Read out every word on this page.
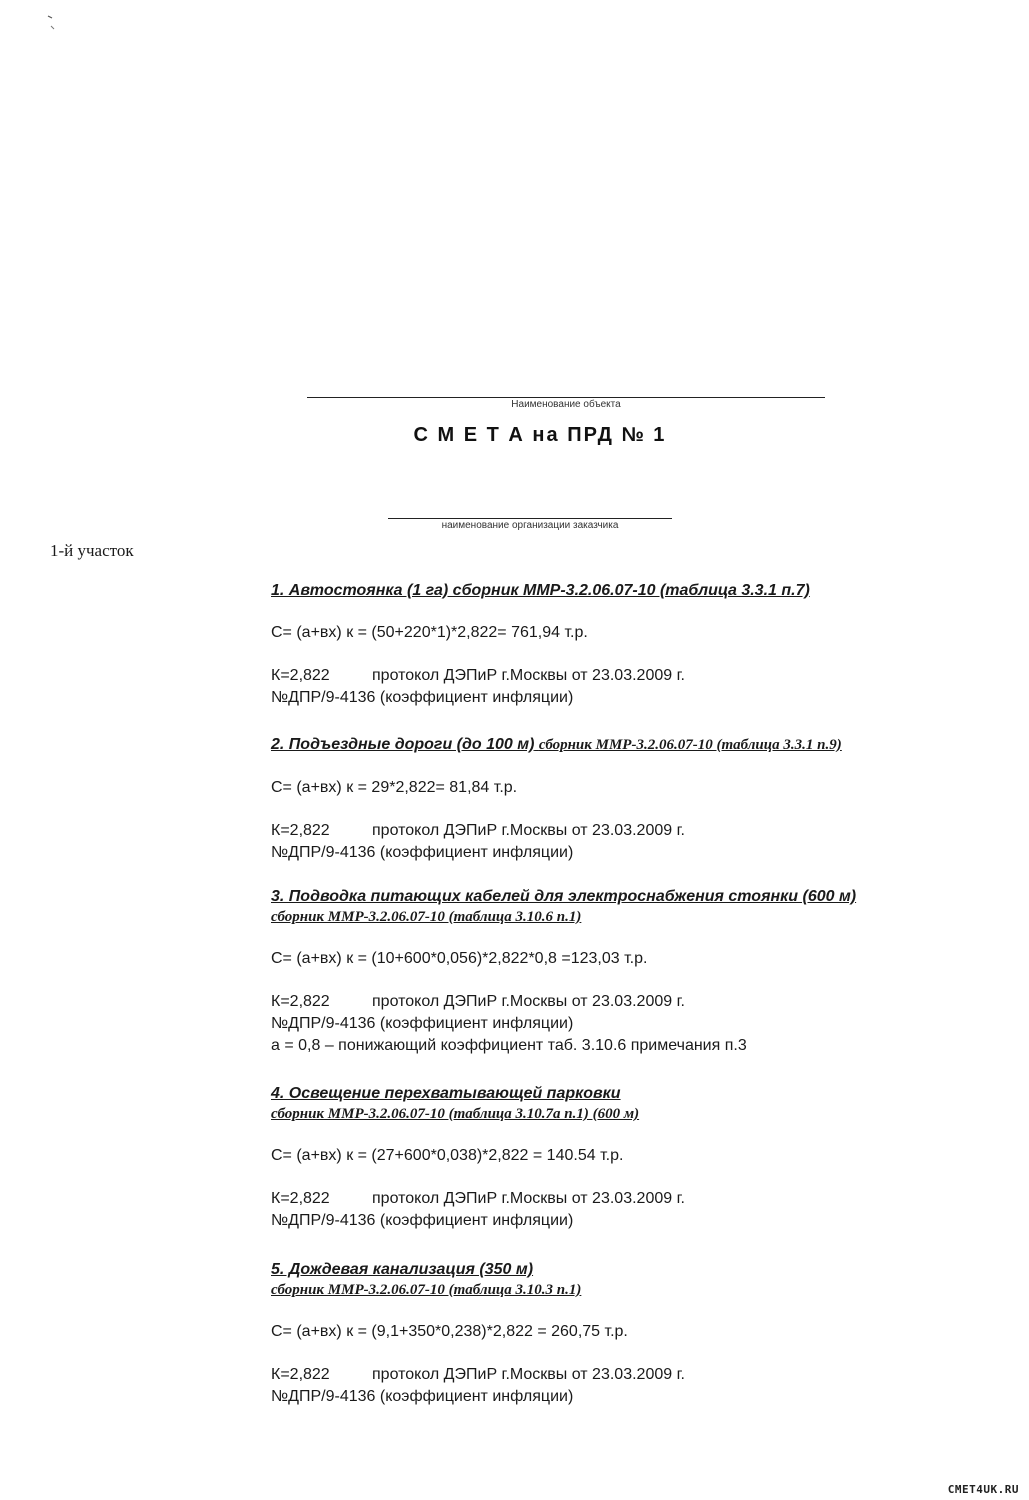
Наименование объекта
С М Е Т А на ПРД № 1
наименование организации заказчика
1-й участок
1. Автостоянка (1 га) сборник ММР-3.2.06.07-10 (таблица 3.3.1 п.7)
С= (а+вх) к = (50+220*1)*2,822= 761,94 т.р.
К=2,822	протокол ДЭПиР г.Москвы от 23.03.2009 г.
№ДПР/9-4136 (коэффициент инфляции)
2. Подъездные дороги (до 100 м) сборник ММР-3.2.06.07-10 (таблица 3.3.1 п.9)
С= (а+вх) к = 29*2,822= 81,84 т.р.
К=2,822	протокол ДЭПиР г.Москвы от 23.03.2009 г.
№ДПР/9-4136 (коэффициент инфляции)
3. Подводка питающих кабелей для электроснабжения стоянки (600 м)
сборник ММР-3.2.06.07-10 (таблица 3.10.6 п.1)
С= (а+вх) к = (10+600*0,056)*2,822*0,8 =123,03 т.р.
К=2,822	протокол ДЭПиР г.Москвы от 23.03.2009 г.
№ДПР/9-4136 (коэффициент инфляции)
а = 0,8 – понижающий коэффициент таб. 3.10.6 примечания п.3
4. Освещение перехватывающей парковки
сборник ММР-3.2.06.07-10 (таблица 3.10.7а п.1) (600 м)
С= (а+вх) к = (27+600*0,038)*2,822 = 140.54 т.р.
К=2,822	протокол ДЭПиР г.Москвы от 23.03.2009 г.
№ДПР/9-4136 (коэффициент инфляции)
5. Дождевая канализация (350 м)
сборник ММР-3.2.06.07-10 (таблица 3.10.3 п.1)
С= (а+вх) к = (9,1+350*0,238)*2,822 = 260,75 т.р.
К=2,822	протокол ДЭПиР г.Москвы от 23.03.2009 г.
№ДПР/9-4136 (коэффициент инфляции)
CMET4UK.RU
